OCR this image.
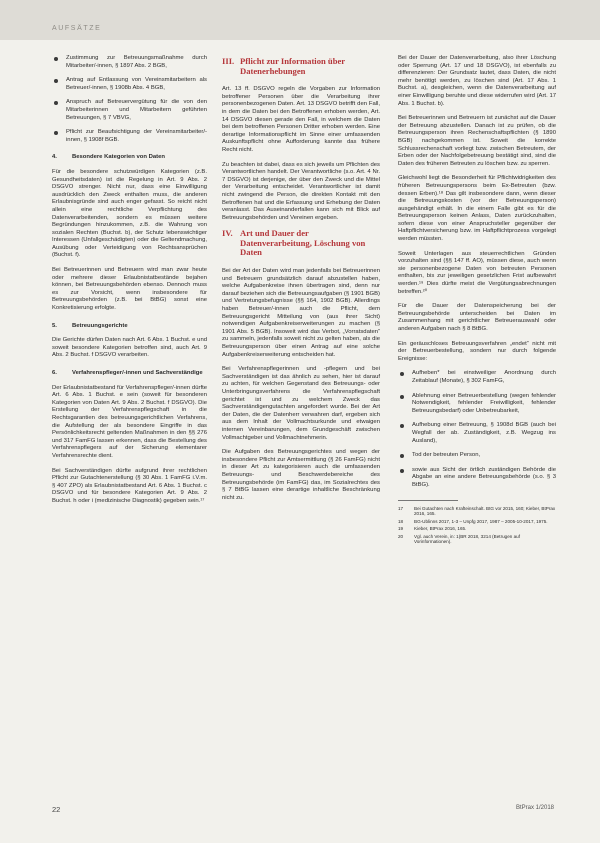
AUFSÄTZE
Zustimmung zur Betreuungsmaßnahme durch Mitarbeiter/-innen, § 1897 Abs. 2 BGB,
Antrag auf Entlassung von Vereinsmitarbeitern als Betreuer/-innen, § 1908b Abs. 4 BGB,
Anspruch auf Betreuervergütung für die von den Mitarbeiterinnen und Mitarbeitern geführten Betreuungen, § 7 VBVG,
Pflicht zur Beaufsichtigung der Vereinsmitarbeiter/-innen, § 1908f BGB.
4.	Besondere Kategorien von Daten

Für die besondere schutzwürdigen Kategorien (z.B. Gesundheitsdaten) ist die Regelung in Art. 9 Abs. 2 DSGVO strenger. Nicht nur, dass eine Einwilligung ausdrücklich den Zweck enthalten muss, die anderen Erlaubnisgründe sind auch enger gefasst. So reicht nicht allein eine rechtliche Verpflichtung des Datenverarbeitenden, sondern es müssen weitere Begründungen hinzukommen, z.B. die Wahrung von sozialen Rechten (Buchst. b), der Schutz lebenswichtiger Interessen (Unfallgeschädigten) oder die Geltendmachung, Ausübung oder Verteidigung von Rechtsansprüchen (Buchst. f).

Bei Betreuerinnen und Betreuern wird man zwar heute oder mehrere dieser Erlaubnistatbestände bejahen können, bei Betreuungsbehörden ebenso. Dennoch muss es zur Vorsicht, wenn insbesondere für Betreuungsbehörden (z.B. bei BtBG) sonst eine Konkretisierung erfolgte.

5.	Betreuungsgerichte

Die Gerichte dürfen Daten nach Art. 6 Abs. 1 Buchst. e und soweit besondere Kategorien betroffen sind, auch Art. 9 Abs. 2 Buchst. f DSGVO verarbeiten.

6.	Verfahrenspfleger/-innen und Sachverständige

Der Erlaubnistatbestand für Verfahrenspfleger/-innen dürfte Art. 6 Abs. 1 Buchst. e sein (soweit für besonderen Kategorien von Daten Art. 9 Abs. 2 Buchst. f DSGVO). Die Erstellung der Verfahrenspflegschaft in die Rechtsgarantien des betreuungsgerichtlichen Verfahrens, die Aufstellung der als besondere Eingriffe in das Persönlichkeitsrecht geltenden Maßnahmen in den §§ 276 und 317 FamFG lassen erkennen, dass die Bestellung des Verfahrenspflegers auf der Sicherung elementarer Verfahrensrechte dient.

Bei Sachverständigen dürfte aufgrund ihrer rechtlichen Pflicht zur Gutachtenerstellung (§ 30 Abs. 1 FamFG i.V.m. § 407 ZPO) als Erlaubnistatbestand Art. 6 Abs. 1 Buchst. c DSGVO und für besondere Kategorien Art. 9 Abs. 2 Buchst. h oder i (medizinische Diagnostik) gegeben sein.¹⁷

III. Pflicht zur Information über Datenerhebungen

Art. 13 ff. DSGVO regeln die Vorgaben zur Information betroffener Personen über die Verarbeitung ihrer personenbezogenen Daten. Art. 13 DSGVO betrifft den Fall, in dem die Daten bei den Betroffenen erhoben werden, Art. 14 DSGVO diesen gerade den Fall, in welchem die Daten bei dem betroffenen Personen Dritter erhoben werden. Eine derartige Informationspflicht im Sinne einer umfassenden Auskunftspflicht ohne Aufforderung kannte das frühere Recht nicht.

Zu beachten ist dabei, dass es sich jeweils um Pflichten des Verantwortlichen handelt. Der Verantwortliche (s.o. Art. 4 Nr. 7 DSGVO) ist derjenige, der über den Zweck und die Mittel der Verarbeitung entscheidet. Verantwortlicher ist damit nicht zwingend die Person, die direkten Kontakt mit den Betroffenen hat und die Erfassung und Erhebung der Daten veranlasst. Das Auseinanderfallen kann sich mit Blick auf Betreuungsbehörden und Vereinen ergeben.

IV. Art und Dauer der Datenverarbeitung, Löschung von Daten

Bei der Art der Daten wird man jedenfalls bei Betreuerinnen und Betreuern grundsätzlich darauf abzustellen haben, welche Aufgabenkreise ihnen übertragen sind, denn nur darauf beziehen sich die Betreuungsaufgaben (§ 1901 BGB) und Vertretungsbefugnisse (§§ 164, 1902 BGB). Allerdings haben Betreuer/-innen auch die Pflicht, dem Betreuungsgericht Mitteilung von (aus ihrer Sicht) notwendigen Aufgabenkreiserweiterungen zu machen (§ 1901 Abs. 5 BGB). Insoweit wird das Verbot, „Vorratsdaten“ zu sammeln, jedenfalls soweit nicht zu gelten haben, als die Betreuungsperson über einen Antrag auf eine solche Aufgabenkreiserweiterung entscheiden hat.

Bei Verfahrenspflegerinnen und -pflegern und bei Sachverständigen ist das ähnlich zu sehen, hier ist darauf zu achten, für welchen Gegenstand des Betreuungs- oder Unterbringungsverfahrens die Verfahrenspflegschaft gerichtet ist und zu welchem Zweck das Sachverständigengutachten angefordert wurde. Bei der Art der Daten, die der Datenherr verwahren darf, ergeben sich aus dem Inhalt der Vollmachtsurkunde und etwaigen internen Vereinbarungen, dem Grundgeschäft zwischen Vollmachtgeber und Vollmachtnehmerin.

Die Aufgaben des Betreuungsgerichtes und wegen der insbesondere Pflicht zur Amtsermittlung (§ 26 FamFG) nicht in dieser Art zu kategorisieren auch die umfassenden Betreuungs- und Beschwerdebereiche des Betreuungsbehörde (im FamFG) das, im Sozialrechtes des § 7 BtBG lassen eine derartige inhaltliche Beschränkung nicht zu.

Bei der Dauer der Datenverarbeitung, also ihrer Löschung oder Sperrung (Art. 17 und 18 DSGVO), ist ebenfalls zu differenzieren: Der Grundsatz lautet, dass Daten, die nicht mehr benötigt werden, zu löschen sind (Art. 17 Abs. 1 Buchst. a), desgleichen, wenn die Datenverarbeitung auf einer Einwilligung beruhte und diese widerrufen wird (Art. 17 Abs. 1 Buchst. b).

Bei Betreuerinnen und Betreuern ist zunächst auf die Dauer der Betreuung abzustellen. Danach ist zu prüfen, ob die Betreuungsperson ihren Rechenschaftspflichten (§ 1890 BGB) nachgekommen ist. Soweit die korrekte Schlussrechenschaft vorliegt bzw. zwischen Betreutem, der Erben oder der Nachfolgebetreuung bestätigt sind, sind die Daten des früheren Betreuten zu löschen bzw. zu sperren.

Gleichwohl liegt die Besonderheit für Pflichtwidrigkeiten des früheren Betreuungspersons beim Ex-Betreuten (bzw. dessen Erben).¹⁸ Das gilt insbesondere dann, wenn dieser die Betreuungskosten (vor der Betreuungsperson) ausgehändigt erhält. In die einem Falle gibt es für die Betreuungsperson keinen Anlass, Daten zurückzuhalten, sofern diese von einer Anspruchsteller gegenüber der Haftpflichtversicherung bzw. im Haftpflichtprozess vorgelegt werden müssten.

Soweit Unterlagen aus steuerrechtlichen Gründen vorzuhalten sind (§§ 147 ff. AO), müssen diese, auch wenn sie personenbezogene Daten von betreuten Personen enthalten, bis zur jeweiligen gesetzlichen Frist aufbewahrt werden.¹⁹ Dies dürfte meist die Vergütungsabrechnungen betreffen.²⁰

Für die Dauer der Datenspeicherung bei der Betreuungsbehörde unterscheiden bei Daten im Zusammenhang mit gerichtlicher Betreuerauswahl oder anderen Aufgaben nach § 8 BtBG.

Ein geräuschloses Betreuungsverfahren „endet“ nicht mit der Betreuerbestellung, sondern nur durch folgende Ereignisse:

Aufheben* bei einstweiliger Anordnung durch Zeitablauf (Monate), § 302 FamFG,
Ablehnung einer Betreuerbestellung (wegen fehlender Notwendigkeit, fehlender Freiwilligkeit, fehlender Betreuungsbedarf) oder Unbetreubarkeit,
Aufhebung einer Betreuung, § 1908d BGB (auch bei Wegfall der ab. Zuständigkeit, z.B. Wegzug ins Ausland),
Tod der betreuten Person,
sowie aus Sicht der örtlich zuständigen Behörde die Abgabe an eine andere Betreuungsbehörde (s.o. § 3 BtBG).
17	Bei Gutachten nach Krafteinschalt. BtG vor 2015, 160; Kieber, BtPrax 2016, 165.
18	BG-Ublinns 2017, 1-3 – Unpfg 2017, 1987 – 2005-10-2017, 1975.
19	Kieber, BtPrax 2016, 165.
20	Vgl. auch Verein, in: 1(BR 2018, 3214 (Betrugen auf Vorinformationen).
22	BtPrax 1/2018
